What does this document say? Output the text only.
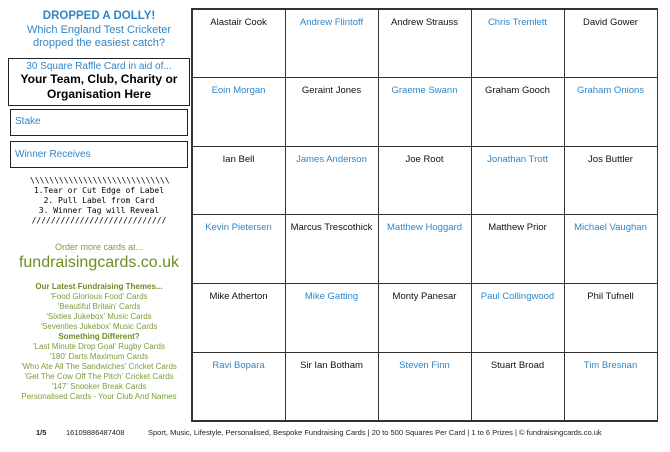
DROPPED A DOLLY!
Which England Test Cricketer dropped the easiest catch?
30 Square Raffle Card in aid of...
Your Team, Club, Charity or Organisation Here
Stake
Winner Receives
\\\\\\\\\\\\\\\\\\\\\\\\\\\\\
1.Tear or Cut Edge of Label
2. Pull Label from Card
3. Winner Tag will Reveal
////////////////////////////
Order more cards at...
fundraisingcards.co.uk
Our Latest Fundraising Themes...
'Food Glorious Food' Cards
'Beautiful Britain' Cards
'Sixties Jukebox' Music Cards
'Seventies Jukebox' Music Cards
Something Different?
'Last Minute Drop Goal' Rugby Cards
'180' Darts Maximum Cards
'Who Ate All The Sandwiches' Cricket Cards
'Get The Cow Off The Pitch' Cricket Cards
'147' Snooker Break Cards
Personalised Cards - Your Club And Names
Alastair Cook	Andrew Flintoff	Andrew Strauss	Chris Tremlett	David Gower
Eoin Morgan	Geraint Jones	Graeme Swann	Graham Gooch	Graham Onions
Ian Bell	James Anderson	Joe Root	Jonathan Trott	Jos Buttler
Kevin Pietersen	Marcus Trescothick	Matthew Hoggard	Matthew Prior	Michael Vaughan
Mike Atherton	Mike Gatting	Monty Panesar	Paul Collingwood	Phil Tufnell
Ravi Bopara	Sir Ian Botham	Steven Finn	Stuart Broad	Tim Bresnan
1/5	16109886487408	Sport, Music, Lifestyle, Personalised, Bespoke Fundraising Cards | 20 to 500 Squares Per Card | 1 to 6 Prizes | © fundraisingcards.co.uk
